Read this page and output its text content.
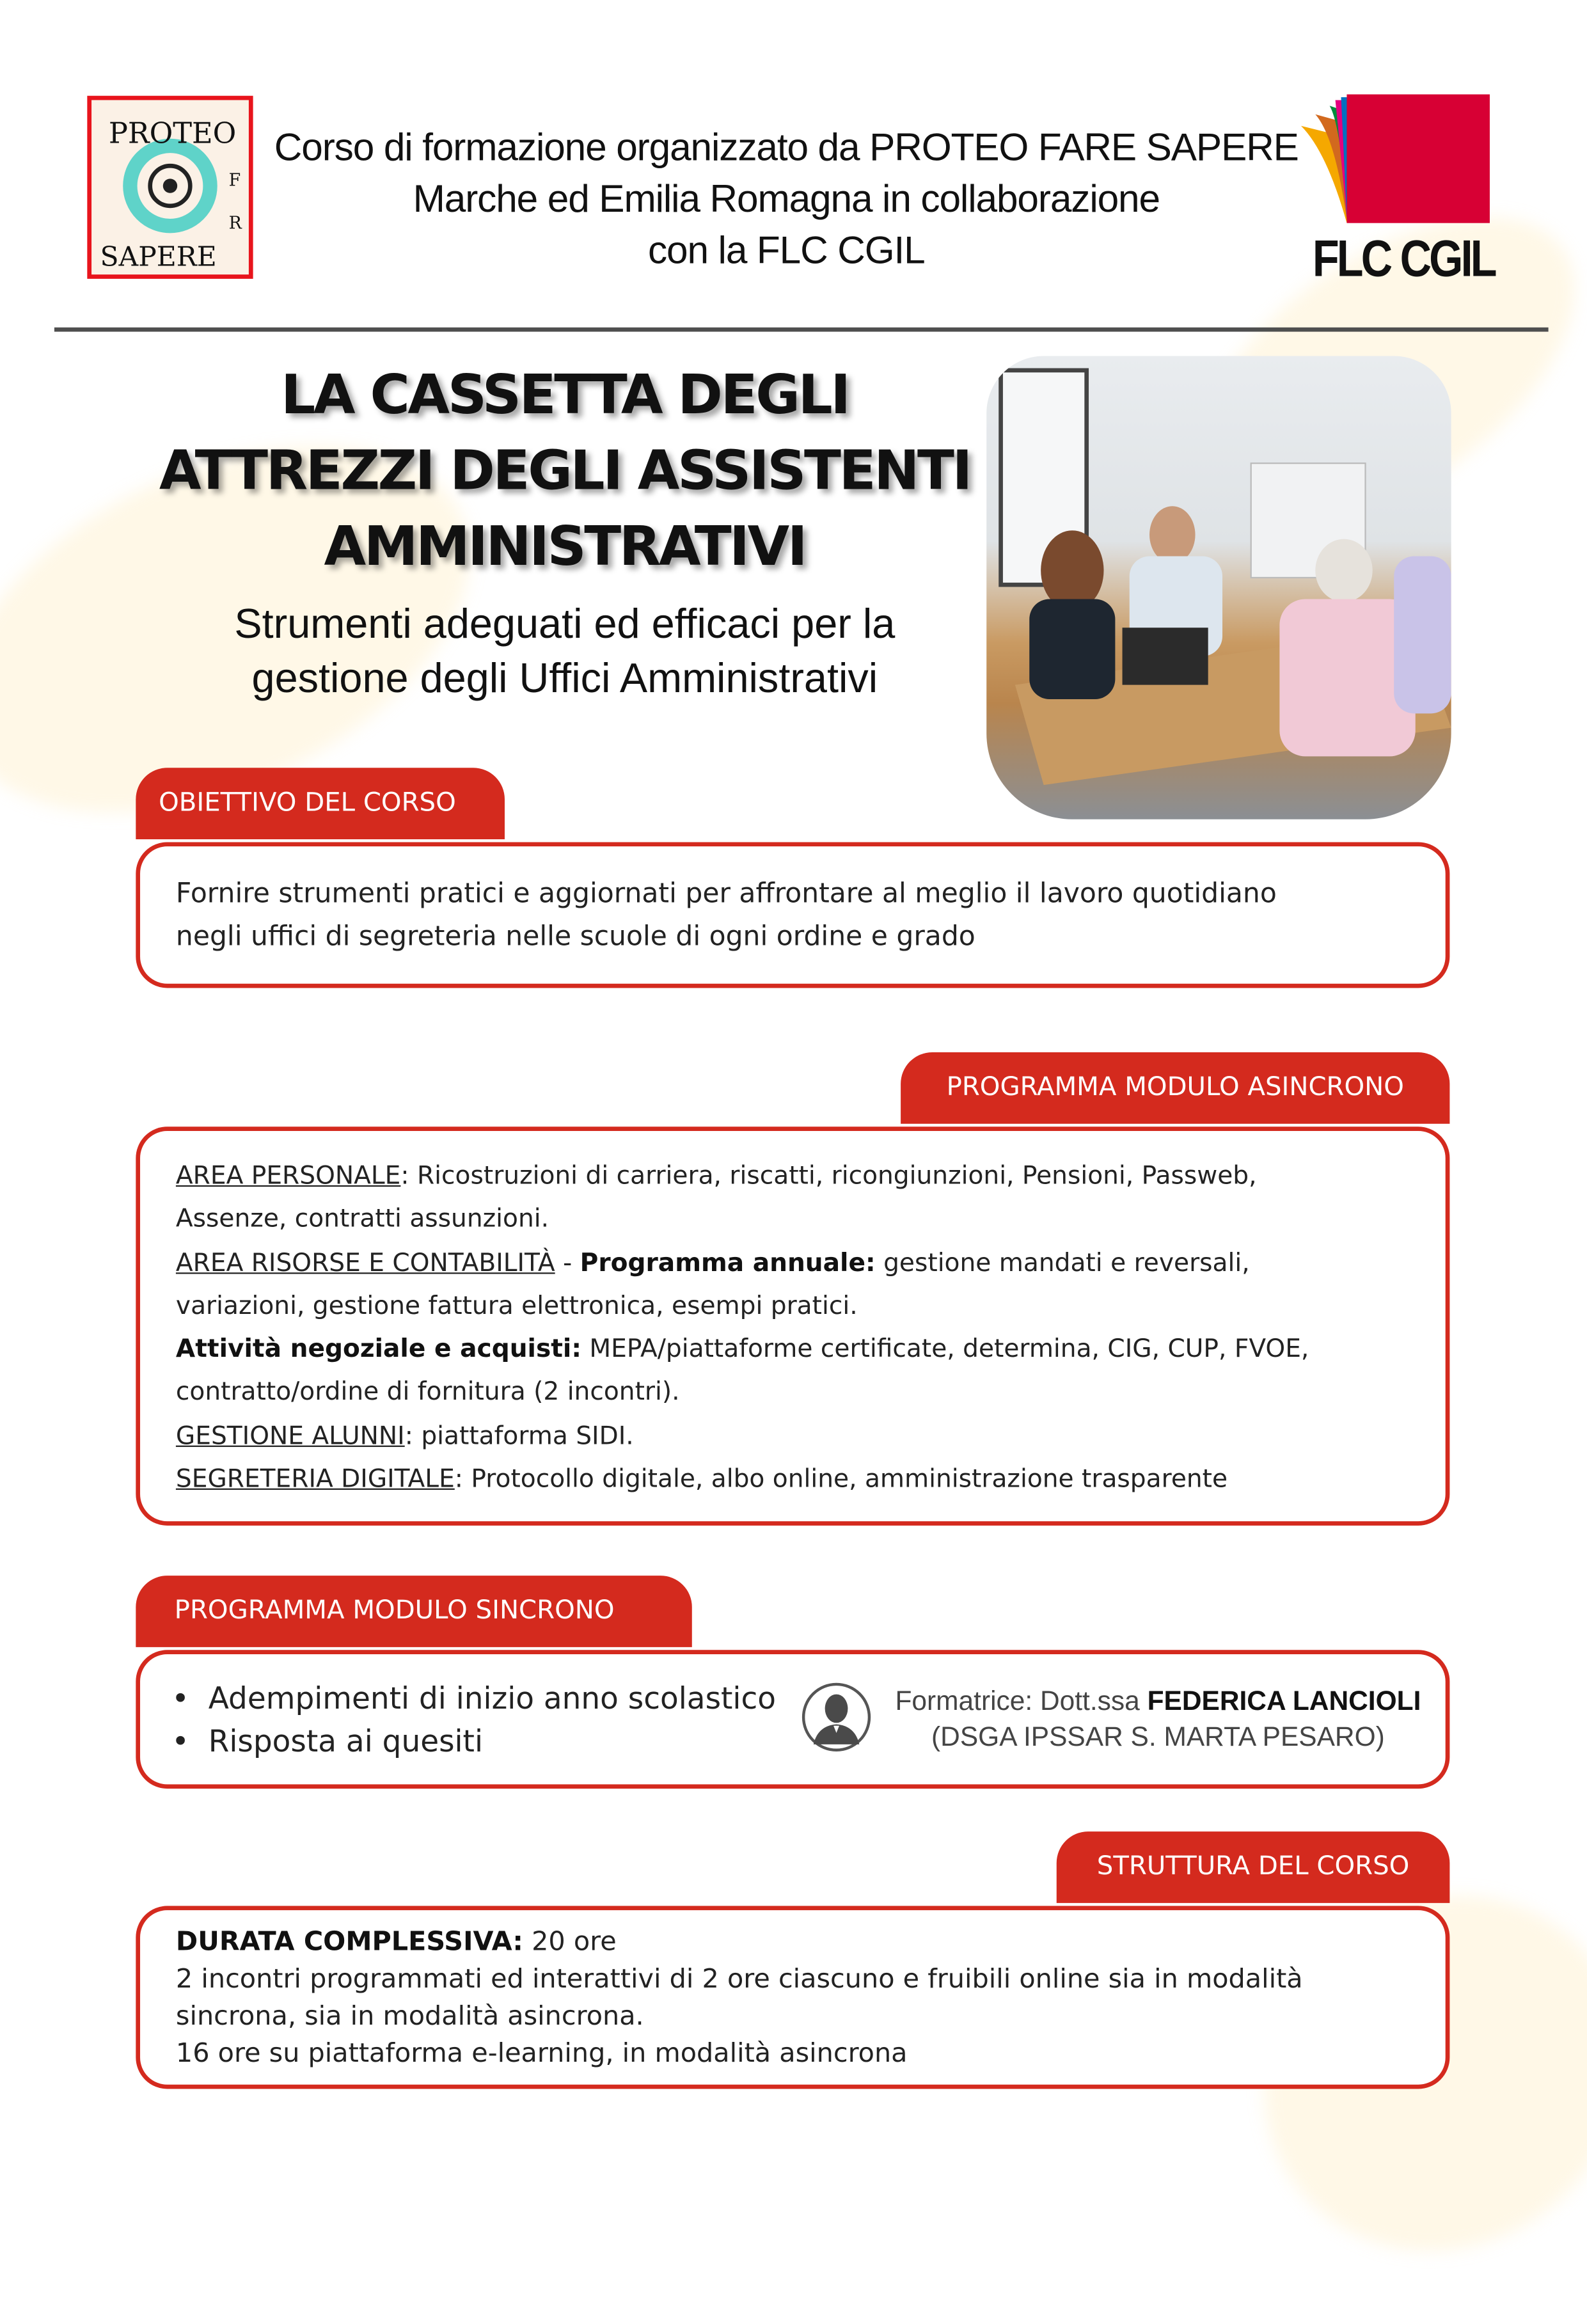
PROTEO
SAPERE
F
R
Corso di formazione organizzato da PROTEO FARE SAPERE
Marche ed Emilia Romagna in collaborazione
con la FLC CGIL	FLC CGIL
LA CASSETTA DEGLI
ATTREZZI DEGLI ASSISTENTI
AMMINISTRATIVI
Strumenti adeguati ed efficaci per la
gestione degli Uffici Amministrativi
OBIETTIVO DEL CORSO
Fornire strumenti pratici e aggiornati per affrontare al meglio il lavoro quotidiano
negli uffici di segreteria nelle scuole di ogni ordine e grado
PROGRAMMA MODULO ASINCRONO
AREA PERSONALE: Ricostruzioni di carriera, riscatti, ricongiunzioni, Pensioni, Passweb,
Assenze, contratti assunzioni.
AREA RISORSE E CONTABILITÀ - Programma annuale: gestione mandati e reversali,
variazioni, gestione fattura elettronica, esempi pratici.
Attività negoziale e acquisti: MEPA/piattaforme certificate, determina, CIG, CUP, FVOE,
contratto/ordine di fornitura (2 incontri).
GESTIONE ALUNNI: piattaforma SIDI.
SEGRETERIA DIGITALE: Protocollo digitale, albo online, amministrazione trasparente
PROGRAMMA MODULO SINCRONO
•  Adempimenti di inizio anno scolastico
•  Risposta ai quesiti
Formatrice: Dott.ssa FEDERICA LANCIOLI
(DSGA IPSSAR S. MARTA PESARO)
STRUTTURA DEL CORSO
DURATA COMPLESSIVA: 20 ore
2 incontri programmati ed interattivi di 2 ore ciascuno e fruibili online sia in modalità
sincrona, sia in modalità asincrona.
16 ore su piattaforma e-learning, in modalità asincrona
